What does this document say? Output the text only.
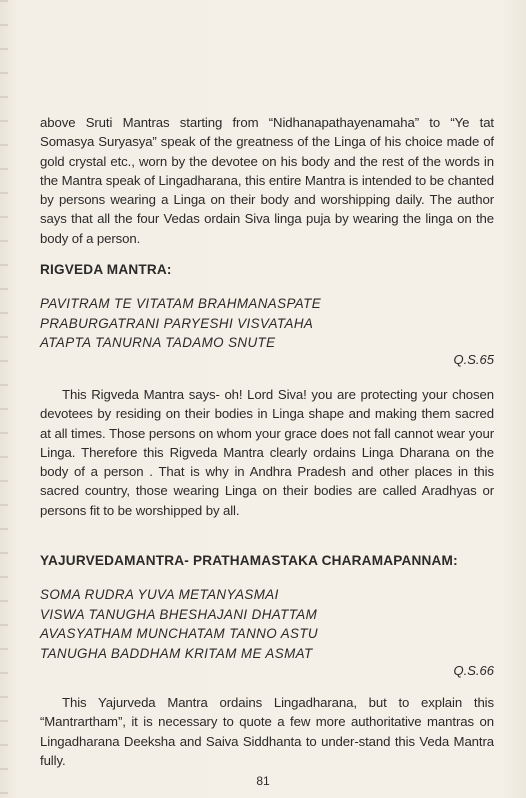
above Sruti Mantras starting from “Nidhanapathayenamaha” to “Ye tat Somasya Suryasya” speak of the greatness of the Linga of his choice made of gold crystal etc., worn by the devotee on his body and the rest of the words in the Mantra speak of Lingadharana, this entire Mantra is intended to be chanted by persons wearing a Linga on their body and worshipping daily. The author says that all the four Vedas ordain Siva linga puja by wearing the linga on the body of a person.

RIGVEDA MANTRA:

PAVITRAM TE VITATAM BRAHMANASPATE
PRABURGATRANI PARYESHI VISVATAHA
ATAPTA TANURNA TADAMO SNUTE
Q.S.65

This Rigveda Mantra says- oh! Lord Siva! you are protecting your chosen devotees by residing on their bodies in Linga shape and making them sacred at all times. Those persons on whom your grace does not fall cannot wear your Linga. Therefore this Rigveda Mantra clearly ordains Linga Dharana on the body of a person . That is why in Andhra Pradesh and other places in this sacred country, those wearing Linga on their bodies are called Aradhyas or persons fit to be worshipped by all.

YAJURVEDAMANTRA- PRATHAMASTAKA CHARAMAPANNAM:

SOMA RUDRA YUVA METANYASMAI
VISWA TANUGHA BHESHAJANI DHATTAM
AVASYATHAM MUNCHATAM TANNO ASTU
TANUGHA BADDHAM KRITAM ME ASMAT
Q.S.66

This Yajurveda Mantra ordains Lingadharana, but to explain this “Mantrartham”, it is necessary to quote a few more authoritative mantras on Lingadharana Deeksha and Saiva Siddhanta to under-stand this Veda Mantra fully.

81
